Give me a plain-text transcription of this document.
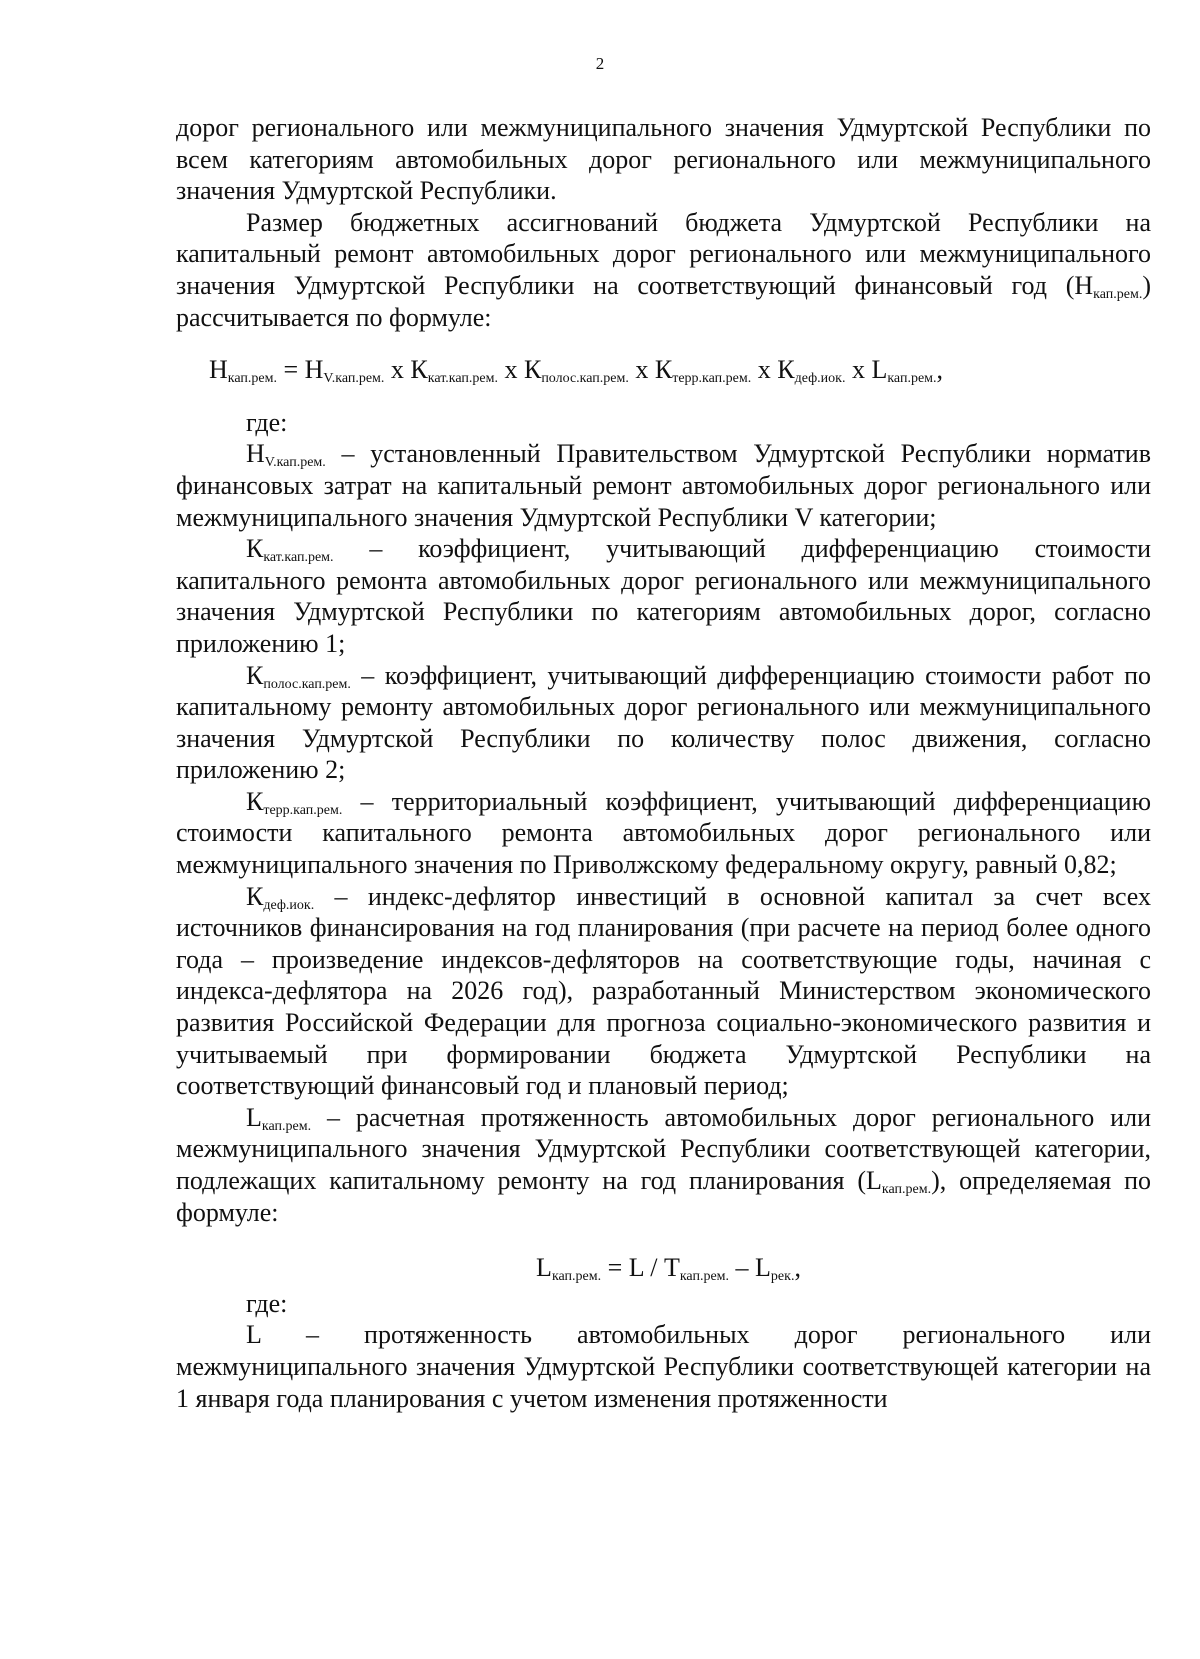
2

дорог регионального или межмуниципального значения Удмуртской Республики по всем категориям автомобильных дорог регионального или межмуниципального значения Удмуртской Республики.

Размер бюджетных ассигнований бюджета Удмуртской Республики на капитальный ремонт автомобильных дорог регионального или межмуниципального значения Удмуртской Республики на соответствующий финансовый год $(Н_{кап.рем.})$ рассчитывается по формуле:

$Н_{кап.рем.} = Н_{V.кап.рем.}$ х $К_{кат.кап.рем.}$ х $К_{полос.кап.рем.}$ х $К_{терр.кап.рем.}$ х $К_{деф.иок.}$ х $L_{кап.рем.}$,

где:

$Н_{V.кап.рем.}$ – установленный Правительством Удмуртской Республики норматив финансовых затрат на капитальный ремонт автомобильных дорог регионального или межмуниципального значения Удмуртской Республики V категории;

$К_{кат.кап.рем.}$ – коэффициент, учитывающий дифференциацию стоимости капитального ремонта автомобильных дорог регионального или межмуниципального значения Удмуртской Республики по категориям автомобильных дорог, согласно приложению 1;

$К_{полос.кап.рем.}$ – коэффициент, учитывающий дифференциацию стоимости работ по капитальному ремонту автомобильных дорог регионального или межмуниципального значения Удмуртской Республики по количеству полос движения, согласно приложению 2;

$К_{терр.кап.рем.}$ – территориальный коэффициент, учитывающий дифференциацию стоимости капитального ремонта автомобильных дорог регионального или межмуниципального значения по Приволжскому федеральному округу, равный 0,82;

$К_{деф.иок.}$ – индекс-дефлятор инвестиций в основной капитал за счет всех источников финансирования на год планирования (при расчете на период более одного года – произведение индексов-дефляторов на соответствующие годы, начиная с индекса-дефлятора на 2026 год), разработанный Министерством экономического развития Российской Федерации для прогноза социально-экономического развития и учитываемый при формировании бюджета Удмуртской Республики на соответствующий финансовый год и плановый период;

$L_{кап.рем.}$ – расчетная протяженность автомобильных дорог регионального или межмуниципального значения Удмуртской Республики соответствующей категории, подлежащих капитальному ремонту на год планирования $(L_{кап.рем.})$, определяемая по формуле:

$L_{кап.рем.} = L / Т_{кап.рем.} - L_{рек.}$,

где:

L – протяженность автомобильных дорог регионального или межмуниципального значения Удмуртской Республики соответствующей категории на 1 января года планирования с учетом изменения протяженности
